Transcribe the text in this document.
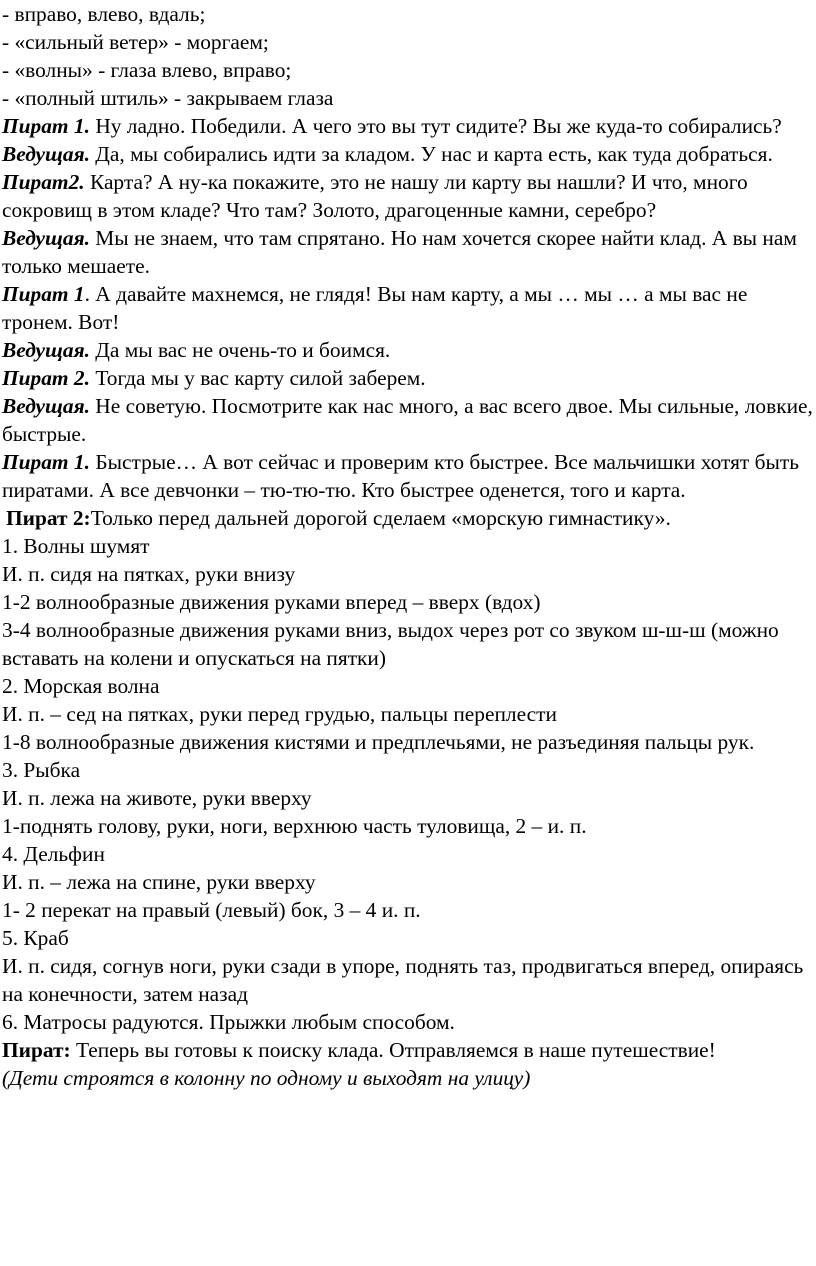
- вправо, влево, вдаль;

- «сильный ветер» - моргаем;

- «волны» - глаза влево, вправо;

- «полный штиль» - закрываем глаза

Пират 1. Ну ладно. Победили. А чего это вы тут сидите? Вы же куда-то собирались?

Ведущая. Да, мы собирались идти за кладом. У нас и карта есть, как туда добраться.

Пират2. Карта? А ну-ка покажите, это не нашу ли карту вы нашли? И что, много сокровищ в этом кладе? Что там? Золото, драгоценные камни, серебро?

Ведущая. Мы не знаем, что там спрятано. Но нам хочется скорее найти клад. А вы нам только мешаете.

Пират 1. А давайте махнемся, не глядя! Вы нам карту, а мы … мы … а мы вас не тронем. Вот!

Ведущая. Да мы вас не очень-то и боимся.

Пират 2. Тогда мы у вас карту силой заберем.

Ведущая. Не советую. Посмотрите как нас много, а вас всего двое. Мы сильные, ловкие, быстрые.

Пират 1. Быстрые… А вот сейчас и проверим кто быстрее. Все мальчишки хотят быть пиратами. А все девчонки – тю-тю-тю. Кто быстрее оденется, того и карта.

Пират 2:Только перед дальней дорогой сделаем «морскую гимнастику».

1. Волны шумят

И. п. сидя на пятках, руки внизу

1-2 волнообразные движения руками вперед – вверх (вдох)

3-4 волнообразные движения руками вниз, выдох через рот со звуком ш-ш-ш (можно вставать на колени и опускаться на пятки)

2. Морская волна

И. п. – сед на пятках, руки перед грудью, пальцы переплести

1-8 волнообразные движения кистями и предплечьями, не разъединяя пальцы рук.

3. Рыбка

И. п. лежа на животе, руки вверху

1-поднять голову, руки, ноги, верхнюю часть туловища, 2 – и. п.

4. Дельфин

И. п. – лежа на спине, руки вверху

1- 2 перекат на правый (левый) бок, 3 – 4 и. п.

5. Краб

И. п. сидя, согнув ноги, руки сзади в упоре, поднять таз, продвигаться вперед, опираясь на конечности, затем назад

6. Матросы радуются. Прыжки любым способом.

Пират: Теперь вы готовы к поиску клада. Отправляемся в наше путешествие!

(Дети строятся в колонну по одному и выходят на улицу)
